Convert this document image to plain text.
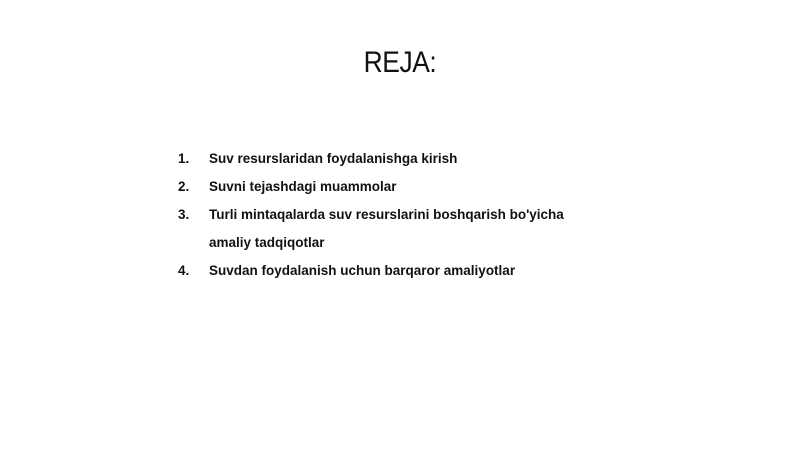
REJA:
1.	Suv resurslaridan foydalanishga kirish
2.	Suvni tejashdagi muammolar
3.	Turli mintaqalarda suv resurslarini boshqarish bo'yicha amaliy tadqiqotlar
4.	Suvdan foydalanish uchun barqaror amaliyotlar
